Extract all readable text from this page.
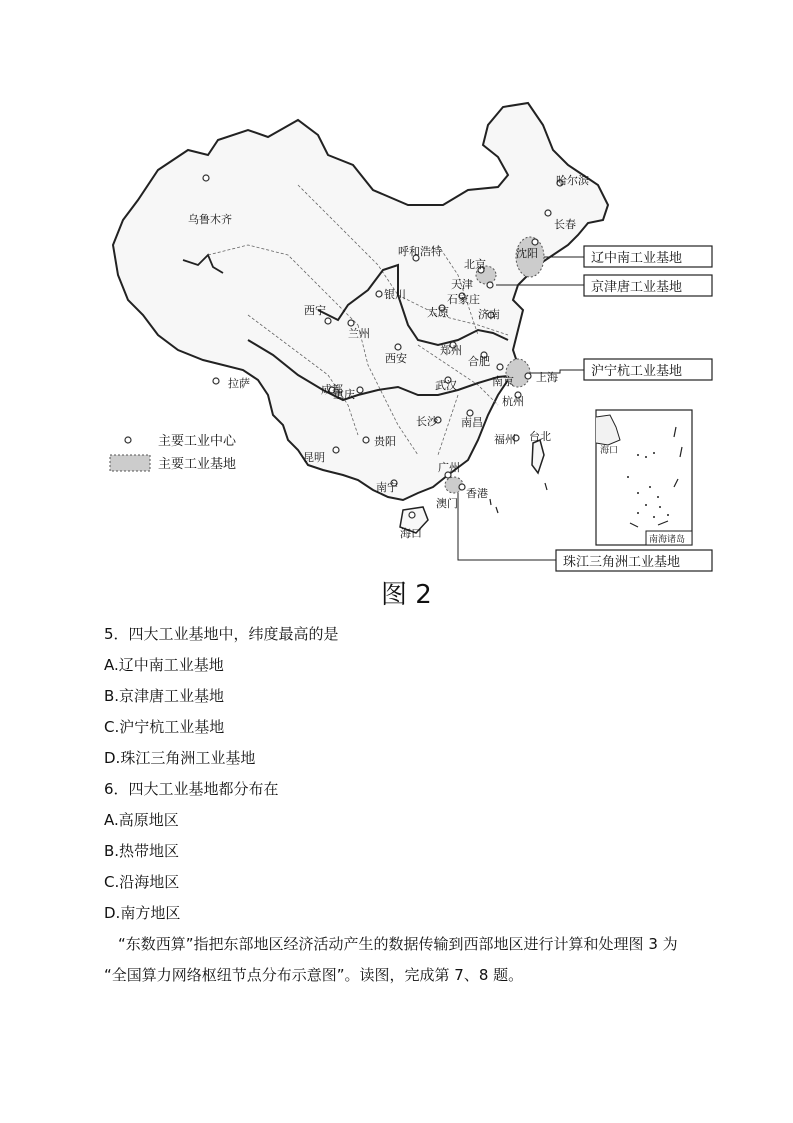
乌鲁木齐
哈尔滨
长春
沈阳
呼和浩特
北京
天津
银川	石家庄
太原	济南
西宁
兰州
郑州
西安	合肥
南京 上海
拉萨	成都
重庆
武汉
杭州
长沙 南昌
贵阳	福州 台北
昆明
广州
南宁	香港
澳门
海口
辽中南工业基地
京津唐工业基地
沪宁杭工业基地
珠江三角洲工业基地
主要工业中心
主要工业基地
海口
南海诸岛
图 2
5．四大工业基地中，纬度最高的是
A.辽中南工业基地
B.京津唐工业基地
C.沪宁杭工业基地
D.珠江三角洲工业基地
6．四大工业基地都分布在
A.高原地区
B.热带地区
C.沿海地区
D.南方地区
“东数西算”指把东部地区经济活动产生的数据传输到西部地区进行计算和处理图 3 为
“全国算力网络枢纽节点分布示意图”。读图，完成第 7、8 题。
